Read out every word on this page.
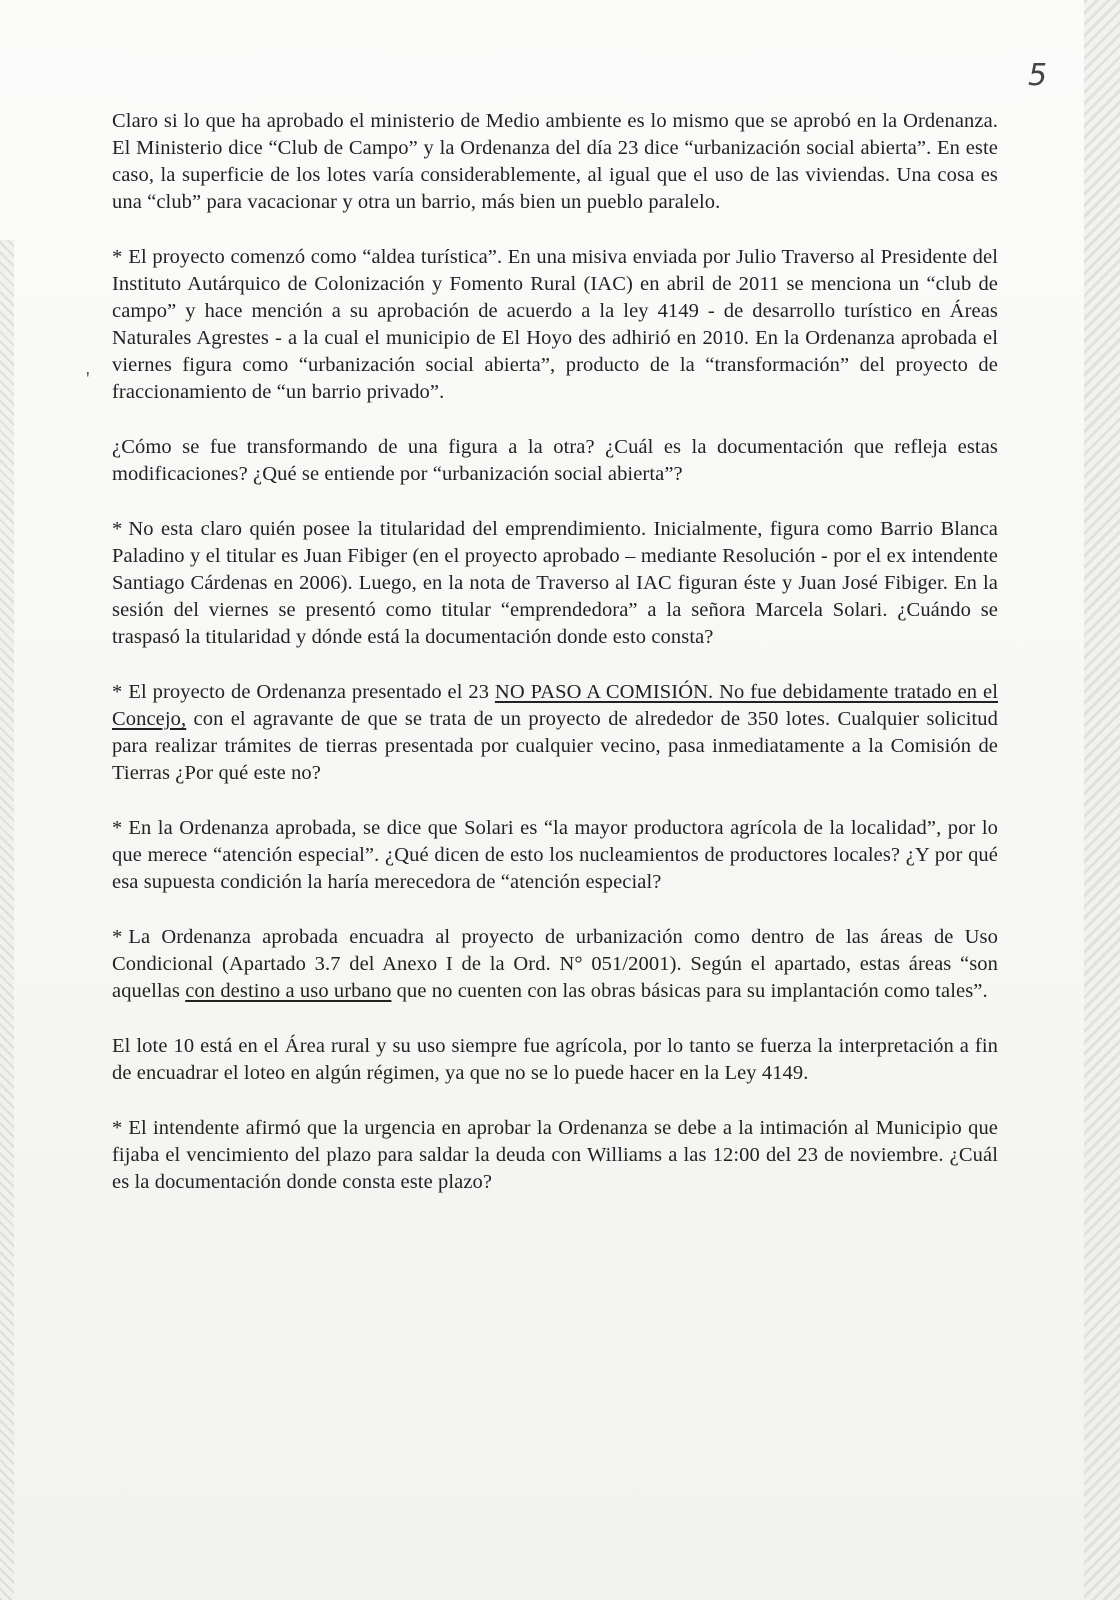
5
'

Claro si lo que ha aprobado el ministerio de Medio ambiente es lo mismo que se aprobó en la Ordenanza. El Ministerio dice “Club de Campo” y la Ordenanza del día 23 dice “urbanización social abierta”. En este caso, la superficie de los lotes varía considerablemente, al igual que el uso de las viviendas. Una cosa es una “club” para vacacionar y otra un barrio, más bien un pueblo paralelo.

* El proyecto comenzó como “aldea turística”. En una misiva enviada por Julio Traverso al Presidente del Instituto Autárquico de Colonización y Fomento Rural (IAC) en abril de 2011 se menciona un “club de campo” y hace mención a su aprobación de acuerdo a la ley 4149 - de desarrollo turístico en Áreas Naturales Agrestes - a la cual el municipio de El Hoyo des adhirió en 2010. En la Ordenanza aprobada el viernes figura como “urbanización social abierta”, producto de la “transformación” del proyecto de fraccionamiento de “un barrio privado”.

¿Cómo se fue transformando de una figura a la otra? ¿Cuál es la documentación que refleja estas modificaciones? ¿Qué se entiende por “urbanización social abierta”?

* No esta claro quién posee la titularidad del emprendimiento. Inicialmente, figura como Barrio Blanca Paladino y el titular es Juan Fibiger (en el proyecto aprobado – mediante Resolución - por el ex intendente Santiago Cárdenas en 2006). Luego, en la nota de Traverso al IAC figuran éste y Juan José Fibiger. En la sesión del viernes se presentó como titular “emprendedora” a la señora Marcela Solari. ¿Cuándo se traspasó la titularidad y dónde está la documentación donde esto consta?

* El proyecto de Ordenanza presentado el 23 NO PASO A COMISIÓN. No fue debidamente tratado en el Concejo, con el agravante de que se trata de un proyecto de alrededor de 350 lotes. Cualquier solicitud para realizar trámites de tierras presentada por cualquier vecino, pasa inmediatamente a la Comisión de Tierras ¿Por qué este no?

* En la Ordenanza aprobada, se dice que Solari es “la mayor productora agrícola de la localidad”, por lo que merece “atención especial”. ¿Qué dicen de esto los nucleamientos de productores locales? ¿Y por qué esa supuesta condición la haría merecedora de “atención especial?

* La Ordenanza aprobada encuadra al proyecto de urbanización como dentro de las áreas de Uso Condicional (Apartado 3.7 del Anexo I de la Ord. N° 051/2001). Según el apartado, estas áreas “son aquellas con destino a uso urbano que no cuenten con las obras básicas para su implantación como tales”.

El lote 10 está en el Área rural y su uso siempre fue agrícola, por lo tanto se fuerza la interpretación a fin de encuadrar el loteo en algún régimen, ya que no se lo puede hacer en la Ley 4149.

* El intendente afirmó que la urgencia en aprobar la Ordenanza se debe a la intimación al Municipio que fijaba el vencimiento del plazo para saldar la deuda con Williams a las 12:00 del 23 de noviembre. ¿Cuál es la documentación donde consta este plazo?
